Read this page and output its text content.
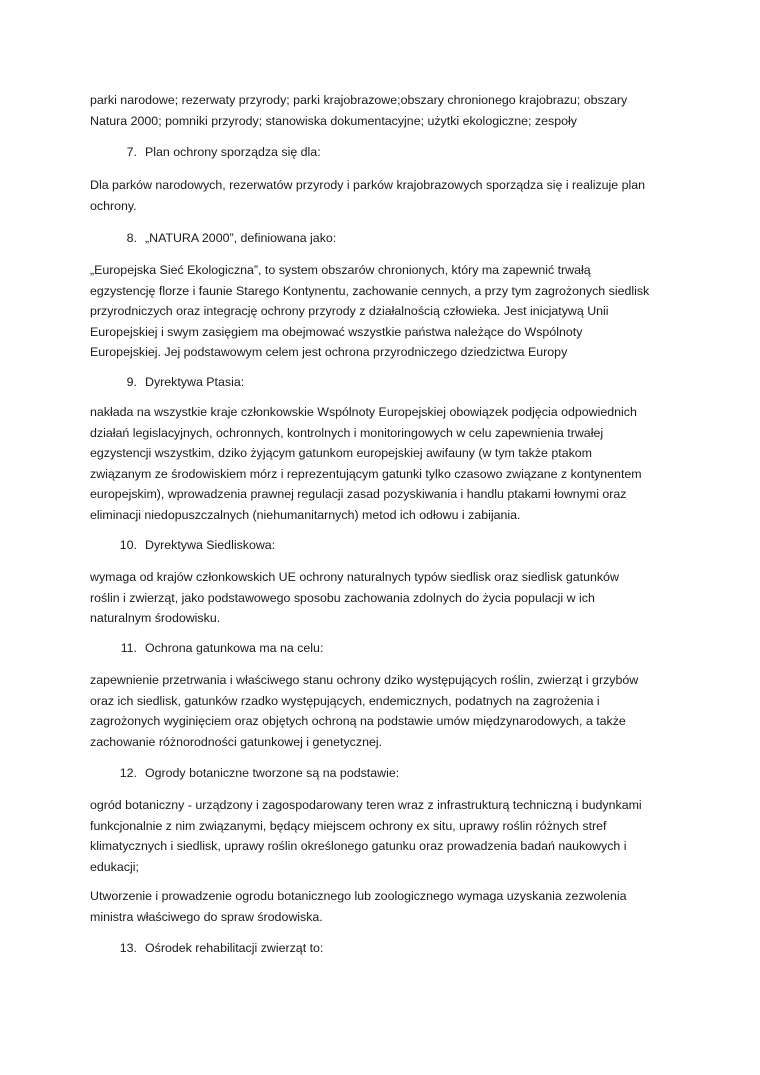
parki narodowe; rezerwaty przyrody; parki krajobrazowe;obszary chronionego krajobrazu; obszary
Natura 2000; pomniki przyrody; stanowiska dokumentacyjne; użytki ekologiczne; zespoły

7. Plan ochrony sporządza się dla:

Dla parków narodowych, rezerwatów przyrody i parków krajobrazowych sporządza się i realizuje plan
ochrony.

8. „NATURA 2000”, definiowana jako:

„Europejska Sieć Ekologiczna”, to system obszarów chronionych, który ma zapewnić trwałą
egzystencję florze i faunie Starego Kontynentu, zachowanie cennych, a przy tym zagrożonych siedlisk
przyrodniczych oraz integrację ochrony przyrody z działalnością człowieka. Jest inicjatywą Unii
Europejskiej i swym zasięgiem ma obejmować wszystkie państwa należące do Wspólnoty
Europejskiej. Jej podstawowym celem jest ochrona przyrodniczego dziedzictwa Europy

9. Dyrektywa Ptasia:

nakłada na wszystkie kraje członkowskie Wspólnoty Europejskiej obowiązek podjęcia odpowiednich
działań legislacyjnych, ochronnych, kontrolnych i monitoringowych w celu zapewnienia trwałej
egzystencji wszystkim, dziko żyjącym gatunkom europejskiej awifauny (w tym także ptakom
związanym ze środowiskiem mórz i reprezentującym gatunki tylko czasowo związane z kontynentem
europejskim), wprowadzenia prawnej regulacji zasad pozyskiwania i handlu ptakami łownymi oraz
eliminacji niedopuszczalnych (niehumanitarnych) metod ich odłowu i zabijania.

10. Dyrektywa Siedliskowa:

wymaga od krajów członkowskich UE ochrony naturalnych typów siedlisk oraz siedlisk gatunków
roślin i zwierząt, jako podstawowego sposobu zachowania zdolnych do życia populacji w ich
naturalnym środowisku.

11. Ochrona gatunkowa ma na celu:

zapewnienie przetrwania i właściwego stanu ochrony dziko występujących roślin, zwierząt i grzybów
oraz ich siedlisk, gatunków rzadko występujących, endemicznych, podatnych na zagrożenia i
zagrożonych wyginięciem oraz objętych ochroną na podstawie umów międzynarodowych, a także
zachowanie różnorodności gatunkowej i genetycznej.

12. Ogrody botaniczne tworzone są na podstawie:

ogród botaniczny - urządzony i zagospodarowany teren wraz z infrastrukturą techniczną i budynkami
funkcjonalnie z nim związanymi, będący miejscem ochrony ex situ, uprawy roślin różnych stref
klimatycznych i siedlisk, uprawy roślin określonego gatunku oraz prowadzenia badań naukowych i
edukacji;

Utworzenie i prowadzenie ogrodu botanicznego lub zoologicznego wymaga uzyskania zezwolenia
ministra właściwego do spraw środowiska.

13. Ośrodek rehabilitacji zwierząt to:
